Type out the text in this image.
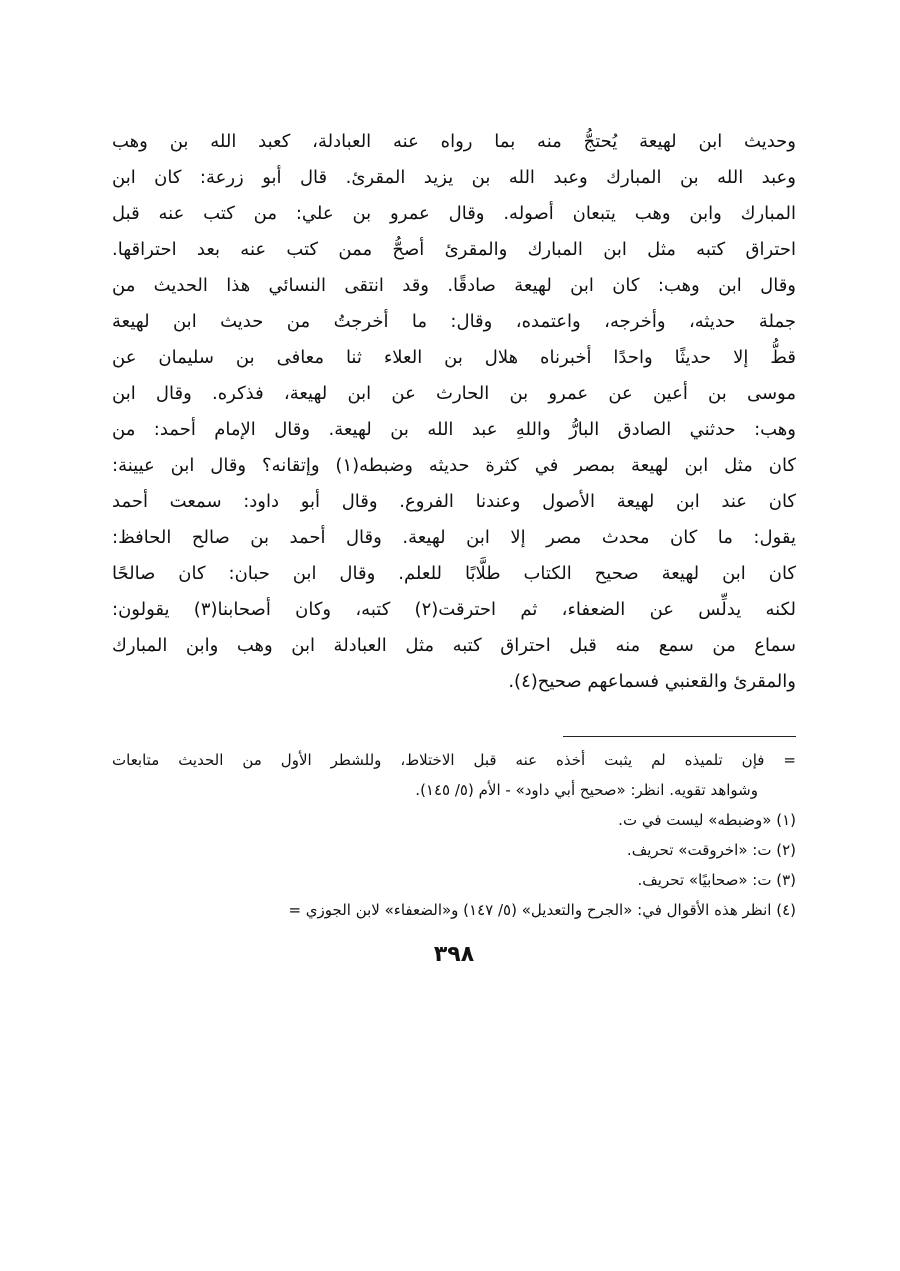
وحديث ابن لهيعة يُحتجُّ منه بما رواه عنه العبادلة، كعبد الله بن وهب
وعبد الله بن المبارك وعبد الله بن يزيد المقرئ. قال أبو زرعة: كان ابن
المبارك وابن وهب يتبعان أصوله. وقال عمرو بن علي: من كتب عنه قبل
احتراق كتبه مثل ابن المبارك والمقرئ أصحُّ ممن كتب عنه بعد احتراقها.
وقال ابن وهب: كان ابن لهيعة صادقًا. وقد انتقى النسائي هذا الحديث من
جملة حديثه، وأخرجه، واعتمده، وقال: ما أخرجتُ من حديث ابن لهيعة
قطُّ إلا حديثًا واحدًا أخبرناه هلال بن العلاء ثنا معافى بن سليمان عن
موسى بن أعين عن عمرو بن الحارث عن ابن لهيعة، فذكره. وقال ابن
وهب: حدثني الصادق البارُّ واللهِ عبد الله بن لهيعة. وقال الإمام أحمد: من
كان مثل ابن لهيعة بمصر في كثرة حديثه وضبطه(١) وإتقانه؟ وقال ابن عيينة:
كان عند ابن لهيعة الأصول وعندنا الفروع. وقال أبو داود: سمعت أحمد
يقول: ما كان محدث مصر إلا ابن لهيعة. وقال أحمد بن صالح الحافظ:
كان ابن لهيعة صحيح الكتاب طلَّابًا للعلم. وقال ابن حبان: كان صالحًا
لكنه يدلِّس عن الضعفاء، ثم احترقت(٢) كتبه، وكان أصحابنا(٣) يقولون:
سماع من سمع منه قبل احتراق كتبه مثل العبادلة ابن وهب وابن المبارك
والمقرئ والقعنبي فسماعهم صحيح(٤).
= فإن تلميذه لم يثبت أخذه عنه قبل الاختلاط، وللشطر الأول من الحديث متابعات
وشواهد تقويه. انظر: «صحيح أبي داود» - الأم (٥/ ١٤٥).
(١) «وضبطه» ليست في ت.
(٢) ت: «اخروقت» تحريف.
(٣) ت: «صحابيًا» تحريف.
(٤) انظر هذه الأقوال في: «الجرح والتعديل» (٥/ ١٤٧) و«الضعفاء» لابن الجوزي =
٣٩٨
